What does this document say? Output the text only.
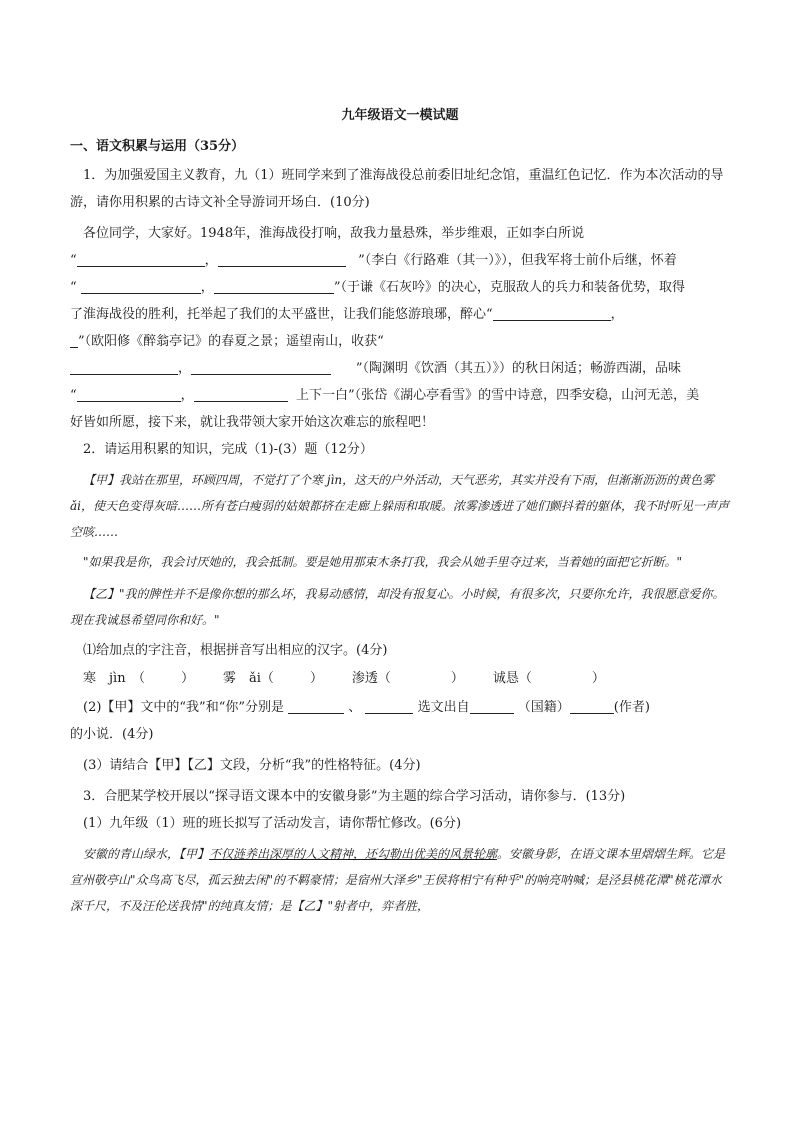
九年级语文一模试题
一、语文积累与运用（35分）

1．为加强爱国主义教育，九（1）班同学来到了淮海战役总前委旧址纪念馆，重温红色记忆．作为本次活动的导游，请你用积累的古诗文补全导游词开场白．(10分)

各位同学，大家好。1948年，淮海战役打响，敌我力量悬殊，举步维艰，正如李白所说

“	，	”（李白《行路难（其一）》），但我军将士前仆后继，怀着

“	，	”（于谦《石灰吟》的决心，克服敌人的兵力和装备优势，取得

了淮海战役的胜利，托举起了我们的太平盛世，让我们能悠游琅琊，醉心“	，

”（欧阳修《醉翁亭记》的春夏之景；遥望南山，收获“

，	”（陶渊明《饮酒（其五）》）的秋日闲适；畅游西湖，品味

“	，	上下一白”（张岱《湖心亭看雪》的雪中诗意，四季安稳，山河无恙，美

好皆如所愿，接下来，就让我带领大家开始这次难忘的旅程吧！

2．请运用积累的知识，完成（1)-(3）题（12分）

【甲】我站在那里，环顾四周，不觉打了个寒 jìn，这天的户外活动，天气恶劣，其实并没有下雨，但渐渐沥沥的黄色雾 ǎi，使天色变得灰暗……所有苍白瘦弱的姑娘都挤在走廊上躲雨和取暖。浓雾渗透进了她们颤抖着的躯体，我不时听见一声声空咳……

"如果我是你，我会讨厌她的，我会抵制。要是她用那束木条打我，我会从她手里夺过来，当着她的面把它折断。"

【乙】"我的脾性并不是像你想的那么坏，我易动感情，却没有报复心。小时候，有很多次，只要你允许，我很愿意爱你。现在我诚恳希望同你和好。"

⑴给加点的字注音，根据拼音写出相应的汉字。(4分)

寒　jìn　（	） 雾　ǎi（	） 渗透（	） 诚恳（	）

(2)【甲】文中的“我”和“你”分别是	、	选文出自	（国籍）	(作者)

的小说．(4分)

(3）请结合【甲】【乙】文段，分析“我”的性格特征。(4分)

3．合肥某学校开展以“探寻语文课本中的安徽身影”为主题的综合学习活动，请你参与．(13分)

(1）九年级（1）班的班长拟写了活动发言，请你帮忙修改。(6分)

安徽的青山绿水，【甲】不仅涟养出深厚的人文精神，还勾勒出优美的风景轮廓。安徽身影，在语文课本里熠熠生辉。它是宣州敬亭山"众鸟高飞尽，孤云独去闲"的不羁豪情；是宿州大泽乡"王侯将相宁有种乎"的响亮呐喊；是泾县桃花潭"桃花潭水深千尺，不及汪伦送我情"的纯真友情；是【乙】"射者中，弈者胜，
